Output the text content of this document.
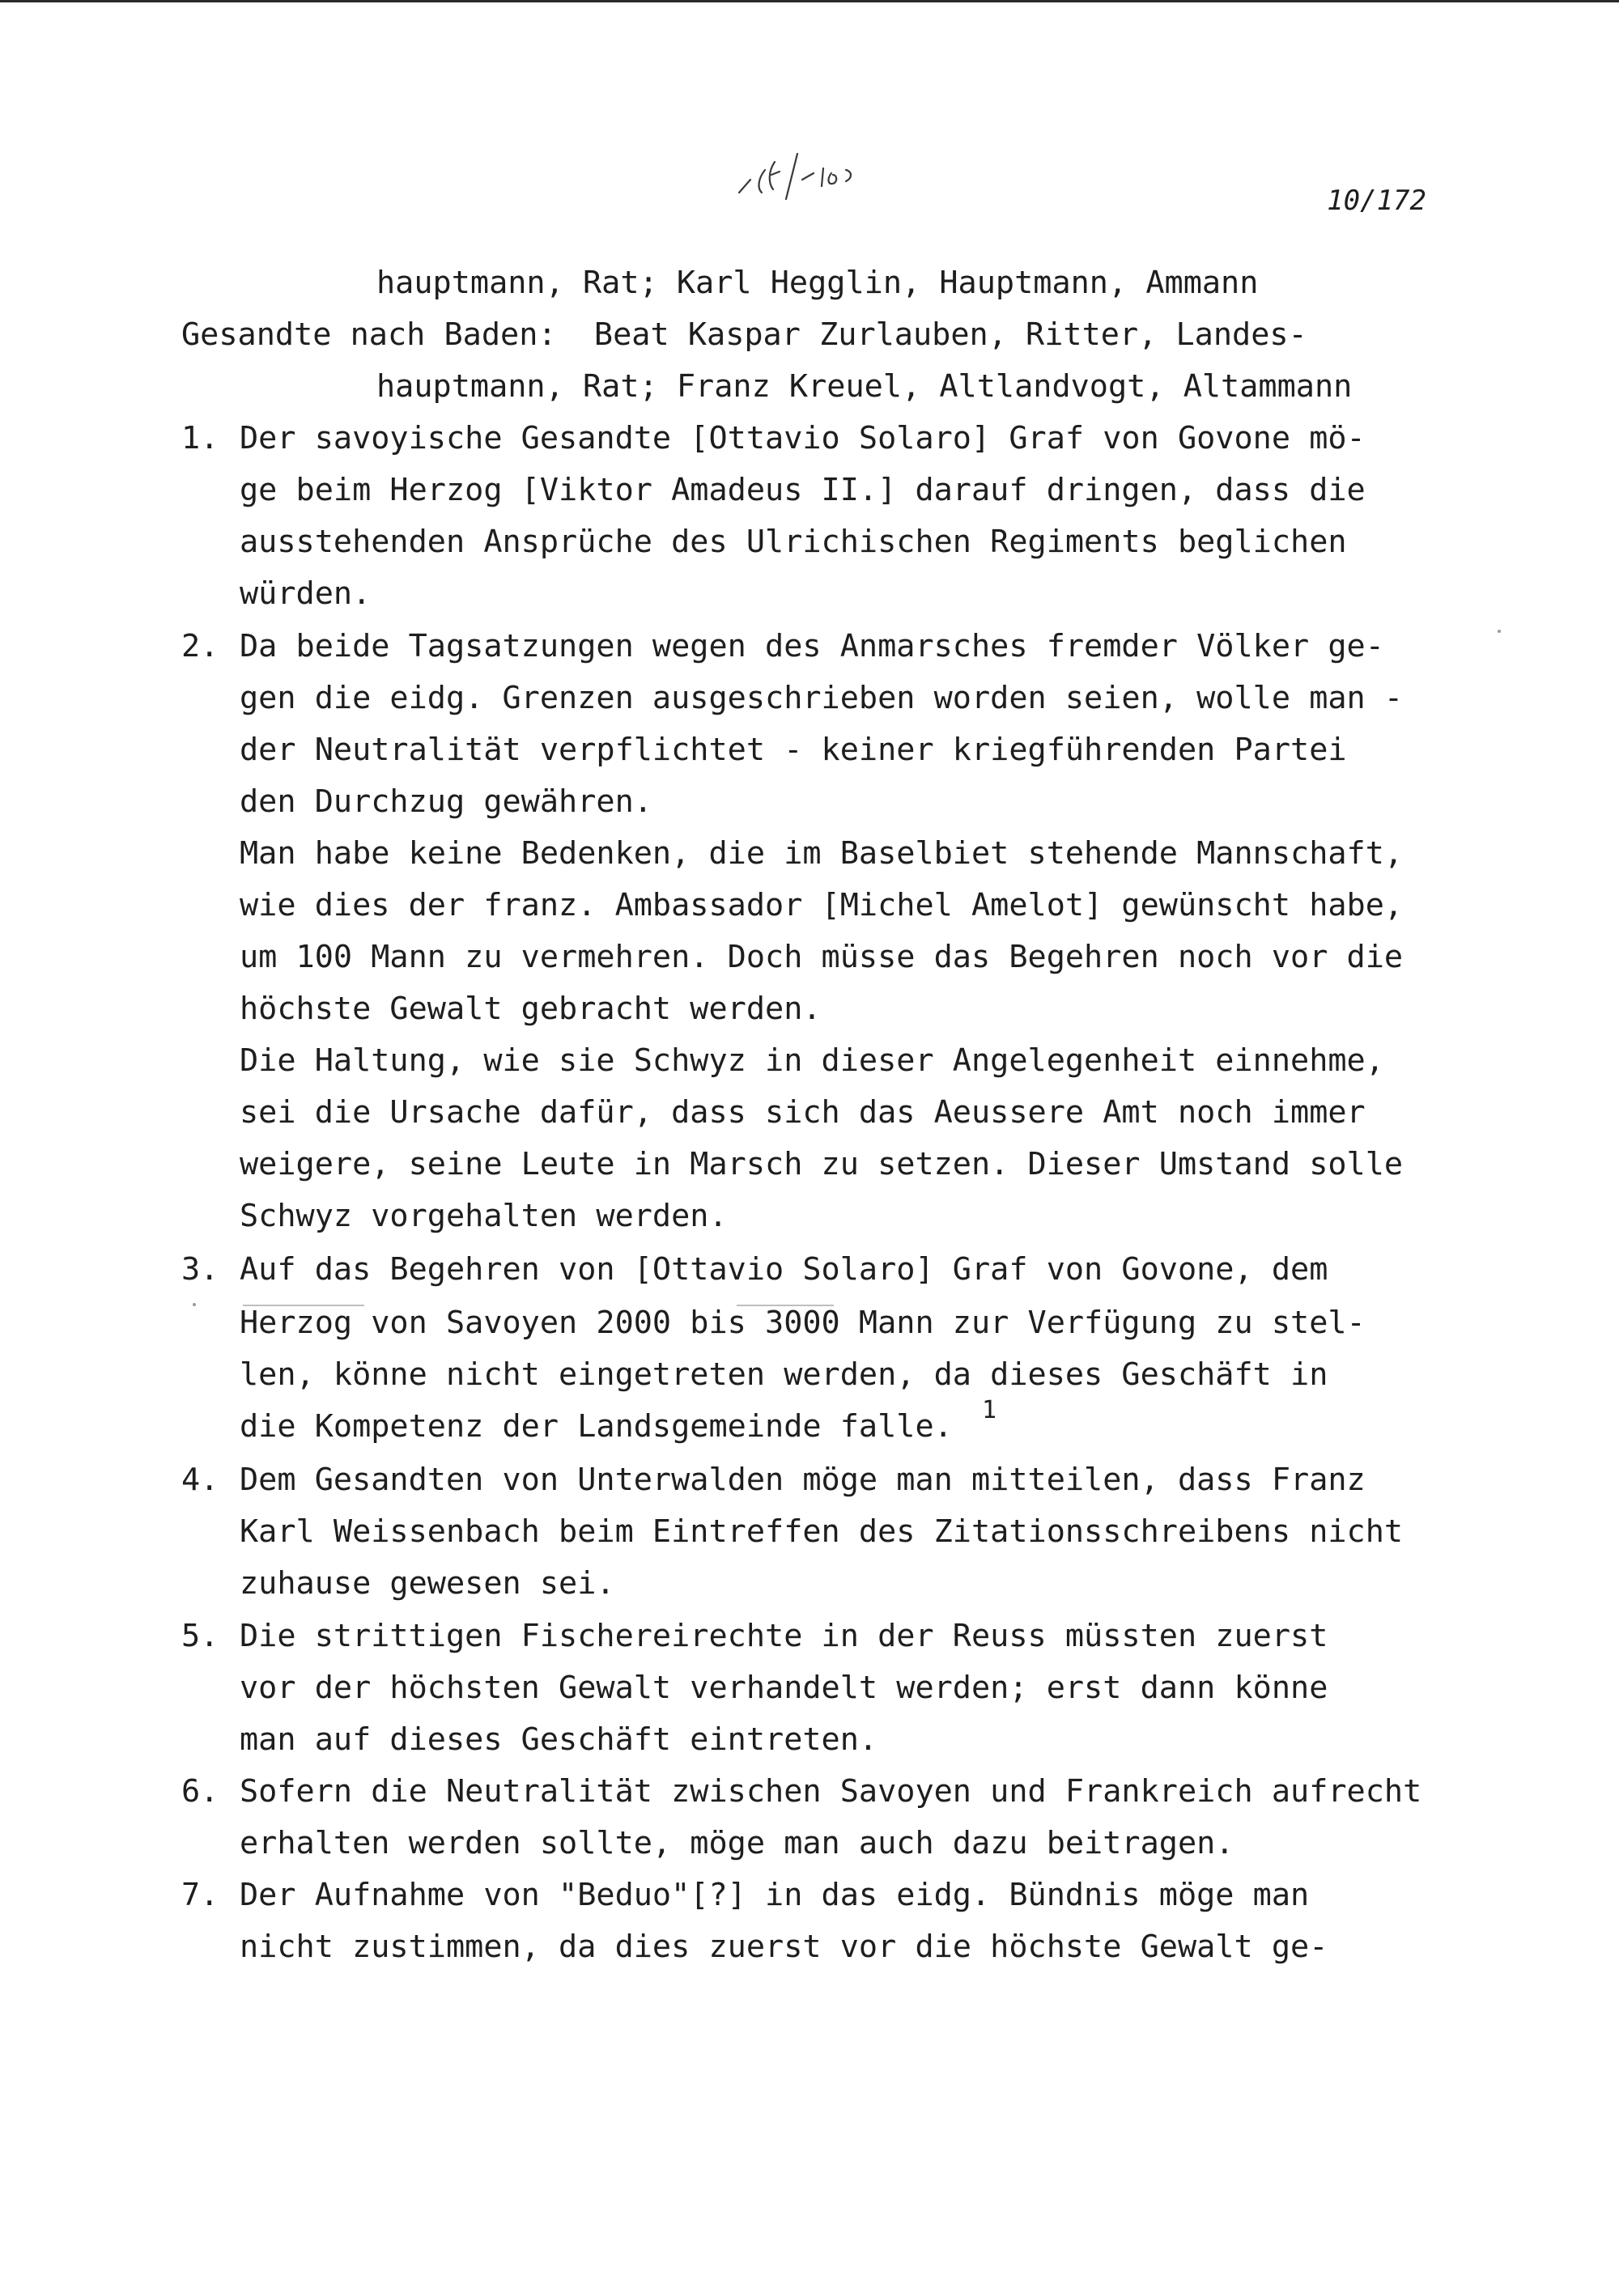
10/172
hauptmann, Rat; Karl Hegglin, Hauptmann, Ammann
Gesandte nach Baden:  Beat Kaspar Zurlauben, Ritter, Landes-
hauptmann, Rat; Franz Kreuel, Altlandvogt, Altammann
1. Der savoyische Gesandte [Ottavio Solaro] Graf von Govone mö-
ge beim Herzog [Viktor Amadeus II.] darauf dringen, dass die
ausstehenden Ansprüche des Ulrichischen Regiments beglichen
würden.
2. Da beide Tagsatzungen wegen des Anmarsches fremder Völker ge-
gen die eidg. Grenzen ausgeschrieben worden seien, wolle man -
der Neutralität verpflichtet - keiner kriegführenden Partei
den Durchzug gewähren.
Man habe keine Bedenken, die im Baselbiet stehende Mannschaft,
wie dies der franz. Ambassador [Michel Amelot] gewünscht habe,
um 100 Mann zu vermehren. Doch müsse das Begehren noch vor die
höchste Gewalt gebracht werden.
Die Haltung, wie sie Schwyz in dieser Angelegenheit einnehme,
sei die Ursache dafür, dass sich das Aeussere Amt noch immer
weigere, seine Leute in Marsch zu setzen. Dieser Umstand solle
Schwyz vorgehalten werden.
3. Auf das Begehren von [Ottavio Solaro] Graf von Govone, dem
Herzog von Savoyen 2000 bis 3000 Mann zur Verfügung zu stel-
len, könne nicht eingetreten werden, da dieses Geschäft in
die Kompetenz der Landsgemeinde falle. 1
4. Dem Gesandten von Unterwalden möge man mitteilen, dass Franz
Karl Weissenbach beim Eintreffen des Zitationsschreibens nicht
zuhause gewesen sei.
5. Die strittigen Fischereirechte in der Reuss müssten zuerst
vor der höchsten Gewalt verhandelt werden; erst dann könne
man auf dieses Geschäft eintreten.
6. Sofern die Neutralität zwischen Savoyen und Frankreich aufrecht
erhalten werden sollte, möge man auch dazu beitragen.
7. Der Aufnahme von "Beduo"[?] in das eidg. Bündnis möge man
nicht zustimmen, da dies zuerst vor die höchste Gewalt ge-
